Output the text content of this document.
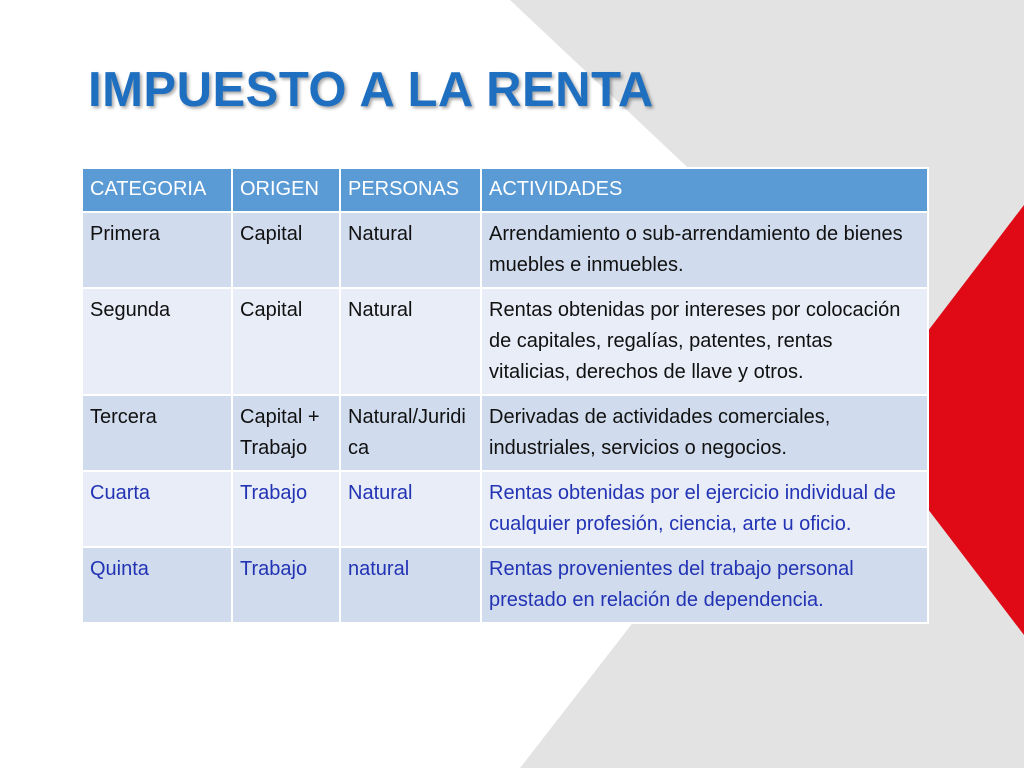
IMPUESTO A LA RENTA
CATEGORIA	ORIGEN	PERSONAS	ACTIVIDADES
Primera	Capital	Natural	Arrendamiento o sub-arrendamiento de bienes muebles e inmuebles.
Segunda	Capital	Natural	Rentas obtenidas por intereses por colocación de capitales, regalías, patentes, rentas vitalicias, derechos de llave y otros.
Tercera	Capital + Trabajo	Natural/Juridica	Derivadas de actividades comerciales, industriales, servicios o negocios.
Cuarta	Trabajo	Natural	Rentas obtenidas por el ejercicio individual de cualquier profesión, ciencia, arte u oficio.
Quinta	Trabajo	natural	Rentas provenientes del trabajo personal prestado en relación de dependencia.
